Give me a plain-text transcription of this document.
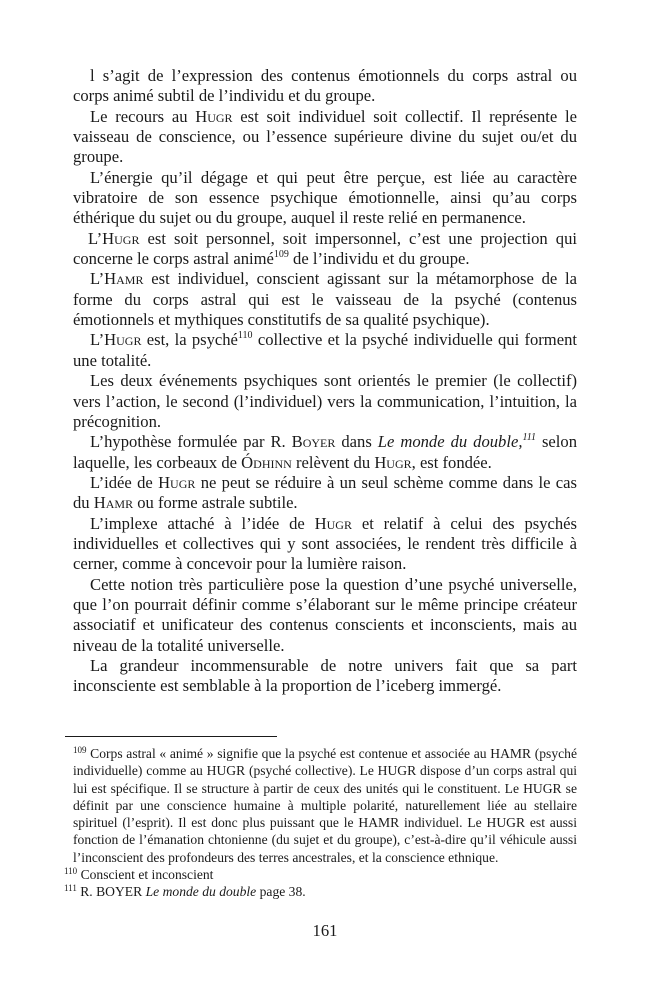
l s’agit de l’expression des contenus émotionnels du corps astral ou corps animé subtil de l’individu et du groupe.

Le recours au Hugr est soit individuel soit collectif. Il représente le vaisseau de conscience, ou l’essence supérieure divine du sujet ou/et du groupe.

L’énergie qu’il dégage et qui peut être perçue, est liée au caractère vibratoire de son essence psychique émotionnelle, ainsi qu’au corps éthérique du sujet ou du groupe, auquel il reste relié en permanence.

L’Hugr est soit personnel, soit impersonnel, c’est une projection qui concerne le corps astral animé$^{109}$ de l’individu et du groupe.

L’Hamr est individuel, conscient agissant sur la métamorphose de la forme du corps astral qui est le vaisseau de la psyché (contenus émotionnels et mythiques constitutifs de sa qualité psychique).

L’Hugr est, la psyché$^{110}$ collective et la psyché individuelle qui forment une totalité.

Les deux événements psychiques sont orientés le premier (le collectif) vers l’action, le second (l’individuel) vers la communication, l’intuition, la précognition.

L’hypothèse formulée par R. Boyer dans Le monde du double,$^{111}$ selon laquelle, les corbeaux de Ódhinn relèvent du Hugr, est fondée.

L’idée de Hugr ne peut se réduire à un seul schème comme dans le cas du Hamr ou forme astrale subtile.

L’implexe attaché à l’idée de Hugr et relatif à celui des psychés individuelles et collectives qui y sont associées, le rendent très difficile à cerner, comme à concevoir pour la lumière raison.

Cette notion très particulière pose la question d’une psyché universelle, que l’on pourrait définir comme s’élaborant sur le même principe créateur associatif et unificateur des contenus conscients et inconscients, mais au niveau de la totalité universelle.

La grandeur incommensurable de notre univers fait que sa part inconsciente est semblable à la proportion de l’iceberg immergé.

$^{109}$ Corps astral « animé » signifie que la psyché est contenue et associée au HAMR (psyché individuelle) comme au HUGR (psyché collective). Le HUGR dispose d’un corps astral qui lui est spécifique. Il se structure à partir de ceux des unités qui le constituent. Le HUGR se définit par une conscience humaine à multiple polarité, naturellement liée au stellaire spirituel (l’esprit). Il est donc plus puissant que le HAMR individuel. Le HUGR est aussi fonction de l’émanation chtonienne (du sujet et du groupe), c’est-à-dire qu’il véhicule aussi l’inconscient des profondeurs des terres ancestrales, et la conscience ethnique.

$^{110}$ Conscient et inconscient

$^{111}$ R. BOYER Le monde du double page 38.

161
